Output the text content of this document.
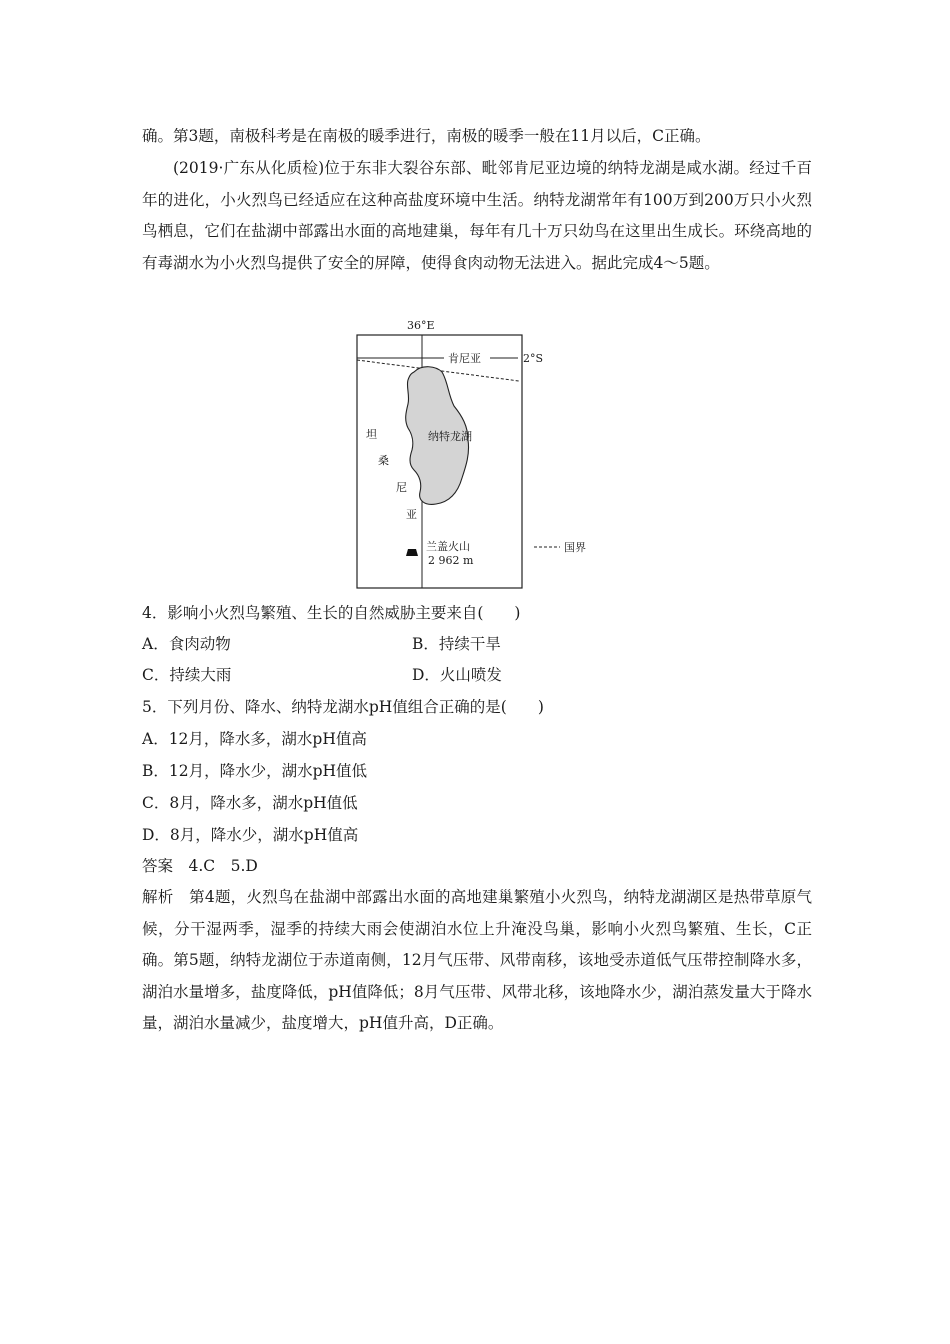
确。第3题，南极科考是在南极的暖季进行，南极的暖季一般在11月以后，C正确。

(2019·广东从化质检)位于东非大裂谷东部、毗邻肯尼亚边境的纳特龙湖是咸水湖。经过千百年的进化，小火烈鸟已经适应在这种高盐度环境中生活。纳特龙湖常年有100万到200万只小火烈鸟栖息，它们在盐湖中部露出水面的高地建巢，每年有几十万只幼鸟在这里出生成长。环绕高地的有毒湖水为小火烈鸟提供了安全的屏障，使得食肉动物无法进入。据此完成4～5题。

36°E
肯尼亚	2°S
纳特龙湖
坦
桑
尼
亚
兰盖火山
2 962 m
国界
4．影响小火烈鸟繁殖、生长的自然威胁主要来自(　　)
A．食肉动物	B．持续干旱
C．持续大雨	D．火山喷发
5．下列月份、降水、纳特龙湖水pH值组合正确的是(　　)
A．12月，降水多，湖水pH值高
B．12月，降水少，湖水pH值低
C．8月，降水多，湖水pH值低
D．8月，降水少，湖水pH值高
答案　4.C　5.D

解析　第4题，火烈鸟在盐湖中部露出水面的高地建巢繁殖小火烈鸟，纳特龙湖湖区是热带草原气候，分干湿两季，湿季的持续大雨会使湖泊水位上升淹没鸟巢，影响小火烈鸟繁殖、生长，C正确。第5题，纳特龙湖位于赤道南侧，12月气压带、风带南移，该地受赤道低气压带控制降水多，湖泊水量增多，盐度降低，pH值降低；8月气压带、风带北移，该地降水少，湖泊蒸发量大于降水量，湖泊水量减少，盐度增大，pH值升高，D正确。
